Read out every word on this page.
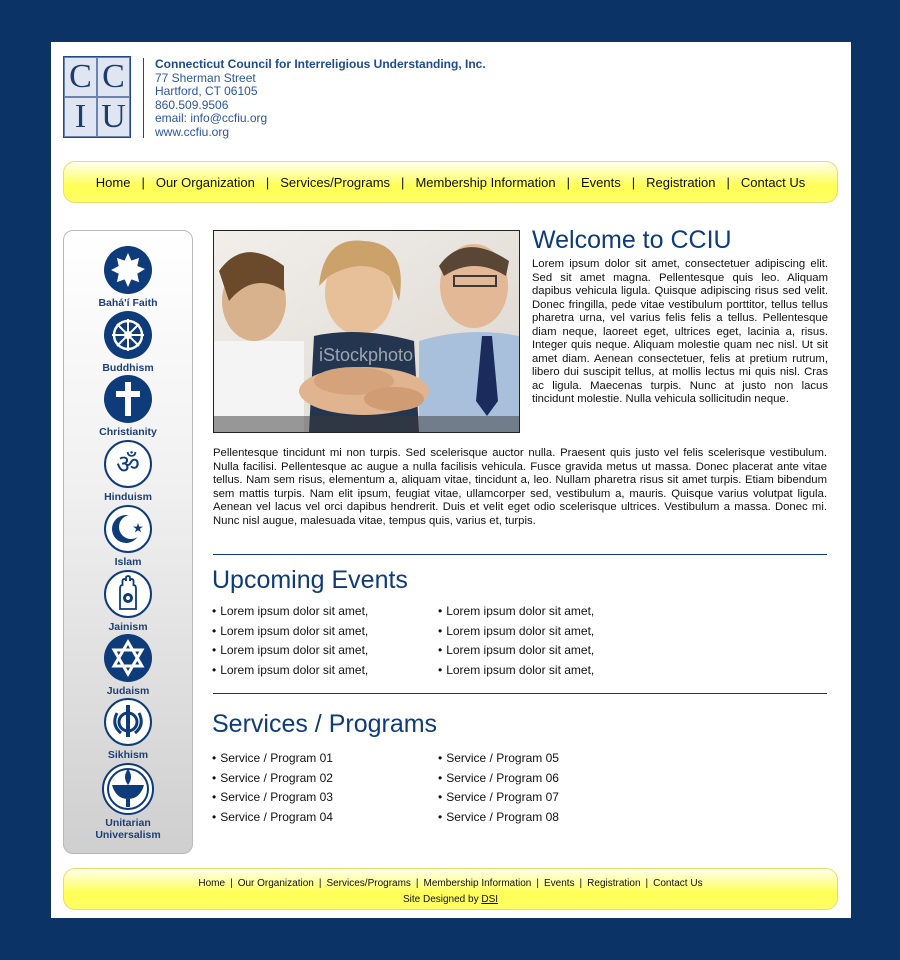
C C
I U
Connecticut Council for Interreligious Understanding, Inc.
77 Sherman Street
Hartford, CT 06105
860.509.9506
email: info@ccfiu.org
www.ccfiu.org
Home | Our Organization | Services/Programs | Membership Information | Events | Registration | Contact Us
Bahá'í Faith
Buddhism
Christianity
ॐ
Hinduism
Islam
Jainism
Judaism
Sikhism
Unitarian
Universalism
iStockphoto
Welcome to CCIU

Lorem ipsum dolor sit amet, consectetuer adipiscing elit. Sed sit amet magna. Pellentesque quis leo. Aliquam dapibus vehicula ligula. Quisque adipiscing risus sed velit. Donec fringilla, pede vitae vestibulum porttitor, tellus tellus pharetra urna, vel varius felis felis a tellus. Pellentesque diam neque, laoreet eget, ultrices eget, lacinia a, risus. Integer quis neque. Aliquam molestie quam nec nisl. Ut sit amet diam. Aenean consectetuer, felis at pretium rutrum, libero dui suscipit tellus, at mollis lectus mi quis nisl. Cras ac ligula. Maecenas turpis. Nunc at justo non lacus tincidunt molestie. Nulla vehicula sollicitudin neque.

Pellentesque tincidunt mi non turpis. Sed scelerisque auctor nulla. Praesent quis justo vel felis scelerisque vestibulum. Nulla facilisi. Pellentesque ac augue a nulla facilisis vehicula. Fusce gravida metus ut massa. Donec placerat ante vitae tellus. Nam sem risus, elementum a, aliquam vitae, tincidunt a, leo. Nullam pharetra risus sit amet turpis. Etiam bibendum sem mattis turpis. Nam elit ipsum, feugiat vitae, ullamcorper sed, vestibulum a, mauris. Quisque varius volutpat ligula. Aenean vel lacus vel orci dapibus hendrerit. Duis et velit eget odio scelerisque ultrices. Vestibulum a massa. Donec mi. Nunc nisl augue, malesuada vitae, tempus quis, varius et, turpis.

Upcoming Events
• Lorem ipsum dolor sit amet,
• Lorem ipsum dolor sit amet,
• Lorem ipsum dolor sit amet,
• Lorem ipsum dolor sit amet,
• Lorem ipsum dolor sit amet,
• Lorem ipsum dolor sit amet,
• Lorem ipsum dolor sit amet,
• Lorem ipsum dolor sit amet,
Services / Programs
• Service / Program 01
• Service / Program 02
• Service / Program 03
• Service / Program 04
• Service / Program 05
• Service / Program 06
• Service / Program 07
• Service / Program 08
Home | Our Organization | Services/Programs | Membership Information | Events | Registration | Contact Us
Site Designed by DSI
